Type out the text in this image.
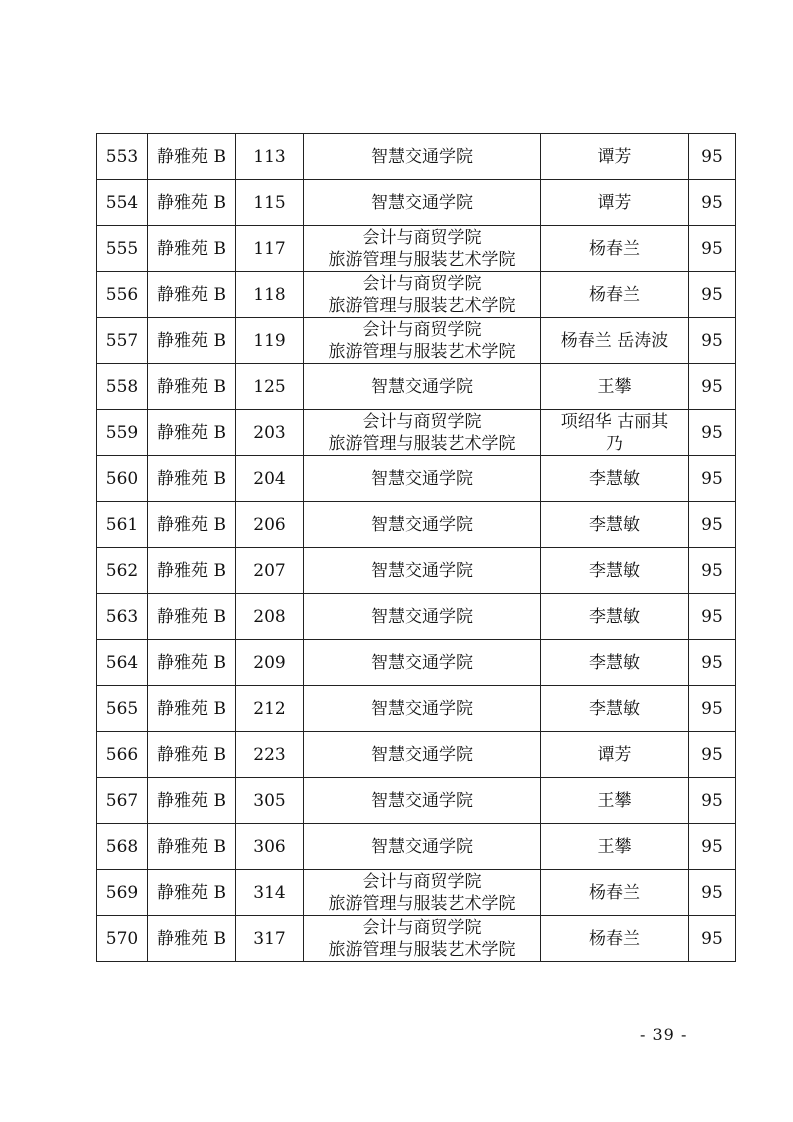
553	静雅苑 B	113	智慧交通学院	谭芳	95
554	静雅苑 B	115	智慧交通学院	谭芳	95
555	静雅苑 B	117	会计与商贸学院
旅游管理与服装艺术学院	杨春兰	95
556	静雅苑 B	118	会计与商贸学院
旅游管理与服装艺术学院	杨春兰	95
557	静雅苑 B	119	会计与商贸学院
旅游管理与服装艺术学院	杨春兰 岳涛波	95
558	静雅苑 B	125	智慧交通学院	王攀	95
559	静雅苑 B	203	会计与商贸学院
旅游管理与服装艺术学院	项绍华 古丽其
乃	95
560	静雅苑 B	204	智慧交通学院	李慧敏	95
561	静雅苑 B	206	智慧交通学院	李慧敏	95
562	静雅苑 B	207	智慧交通学院	李慧敏	95
563	静雅苑 B	208	智慧交通学院	李慧敏	95
564	静雅苑 B	209	智慧交通学院	李慧敏	95
565	静雅苑 B	212	智慧交通学院	李慧敏	95
566	静雅苑 B	223	智慧交通学院	谭芳	95
567	静雅苑 B	305	智慧交通学院	王攀	95
568	静雅苑 B	306	智慧交通学院	王攀	95
569	静雅苑 B	314	会计与商贸学院
旅游管理与服装艺术学院	杨春兰	95
570	静雅苑 B	317	会计与商贸学院
旅游管理与服装艺术学院	杨春兰	95
- 39 -
